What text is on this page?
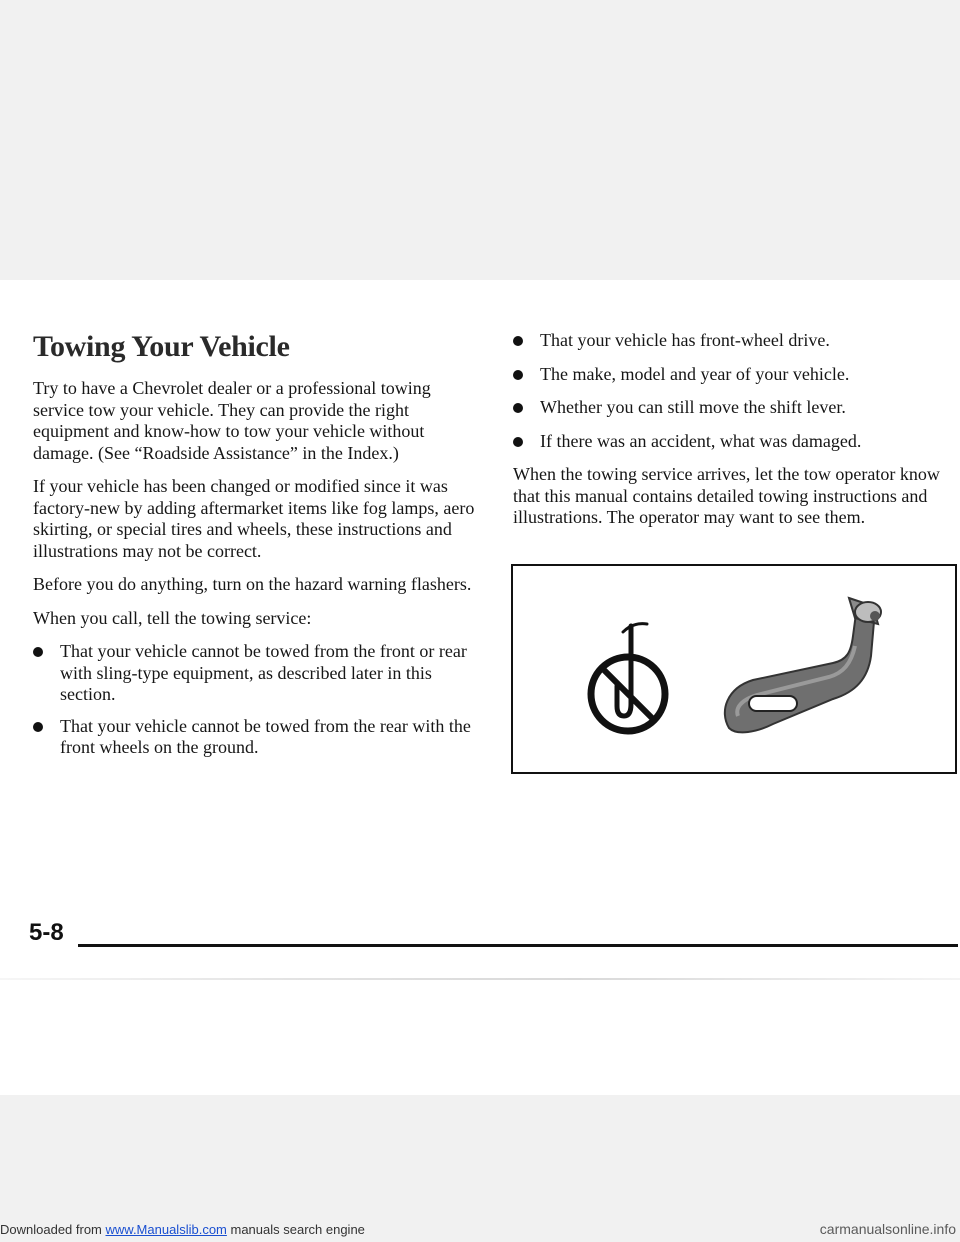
Towing Your Vehicle

Try to have a Chevrolet dealer or a professional towing service tow your vehicle. They can provide the right equipment and know-how to tow your vehicle without damage. (See “Roadside Assistance” in the Index.)

If your vehicle has been changed or modified since it was factory-new by adding aftermarket items like fog lamps, aero skirting, or special tires and wheels, these instructions and illustrations may not be correct.

Before you do anything, turn on the hazard warning flashers.

When you call, tell the towing service:

That your vehicle cannot be towed from the front or rear with sling-type equipment, as described later in this section.
That your vehicle cannot be towed from the rear with the front wheels on the ground.
That your vehicle has front-wheel drive.
The make, model and year of your vehicle.
Whether you can still move the shift lever.
If there was an accident, what was damaged.

When the towing service arrives, let the tow operator know that this manual contains detailed towing instructions and illustrations. The operator may want to see them.

5-8
Downloaded from www.Manualslib.com manuals search engine	carmanualsonline.info
